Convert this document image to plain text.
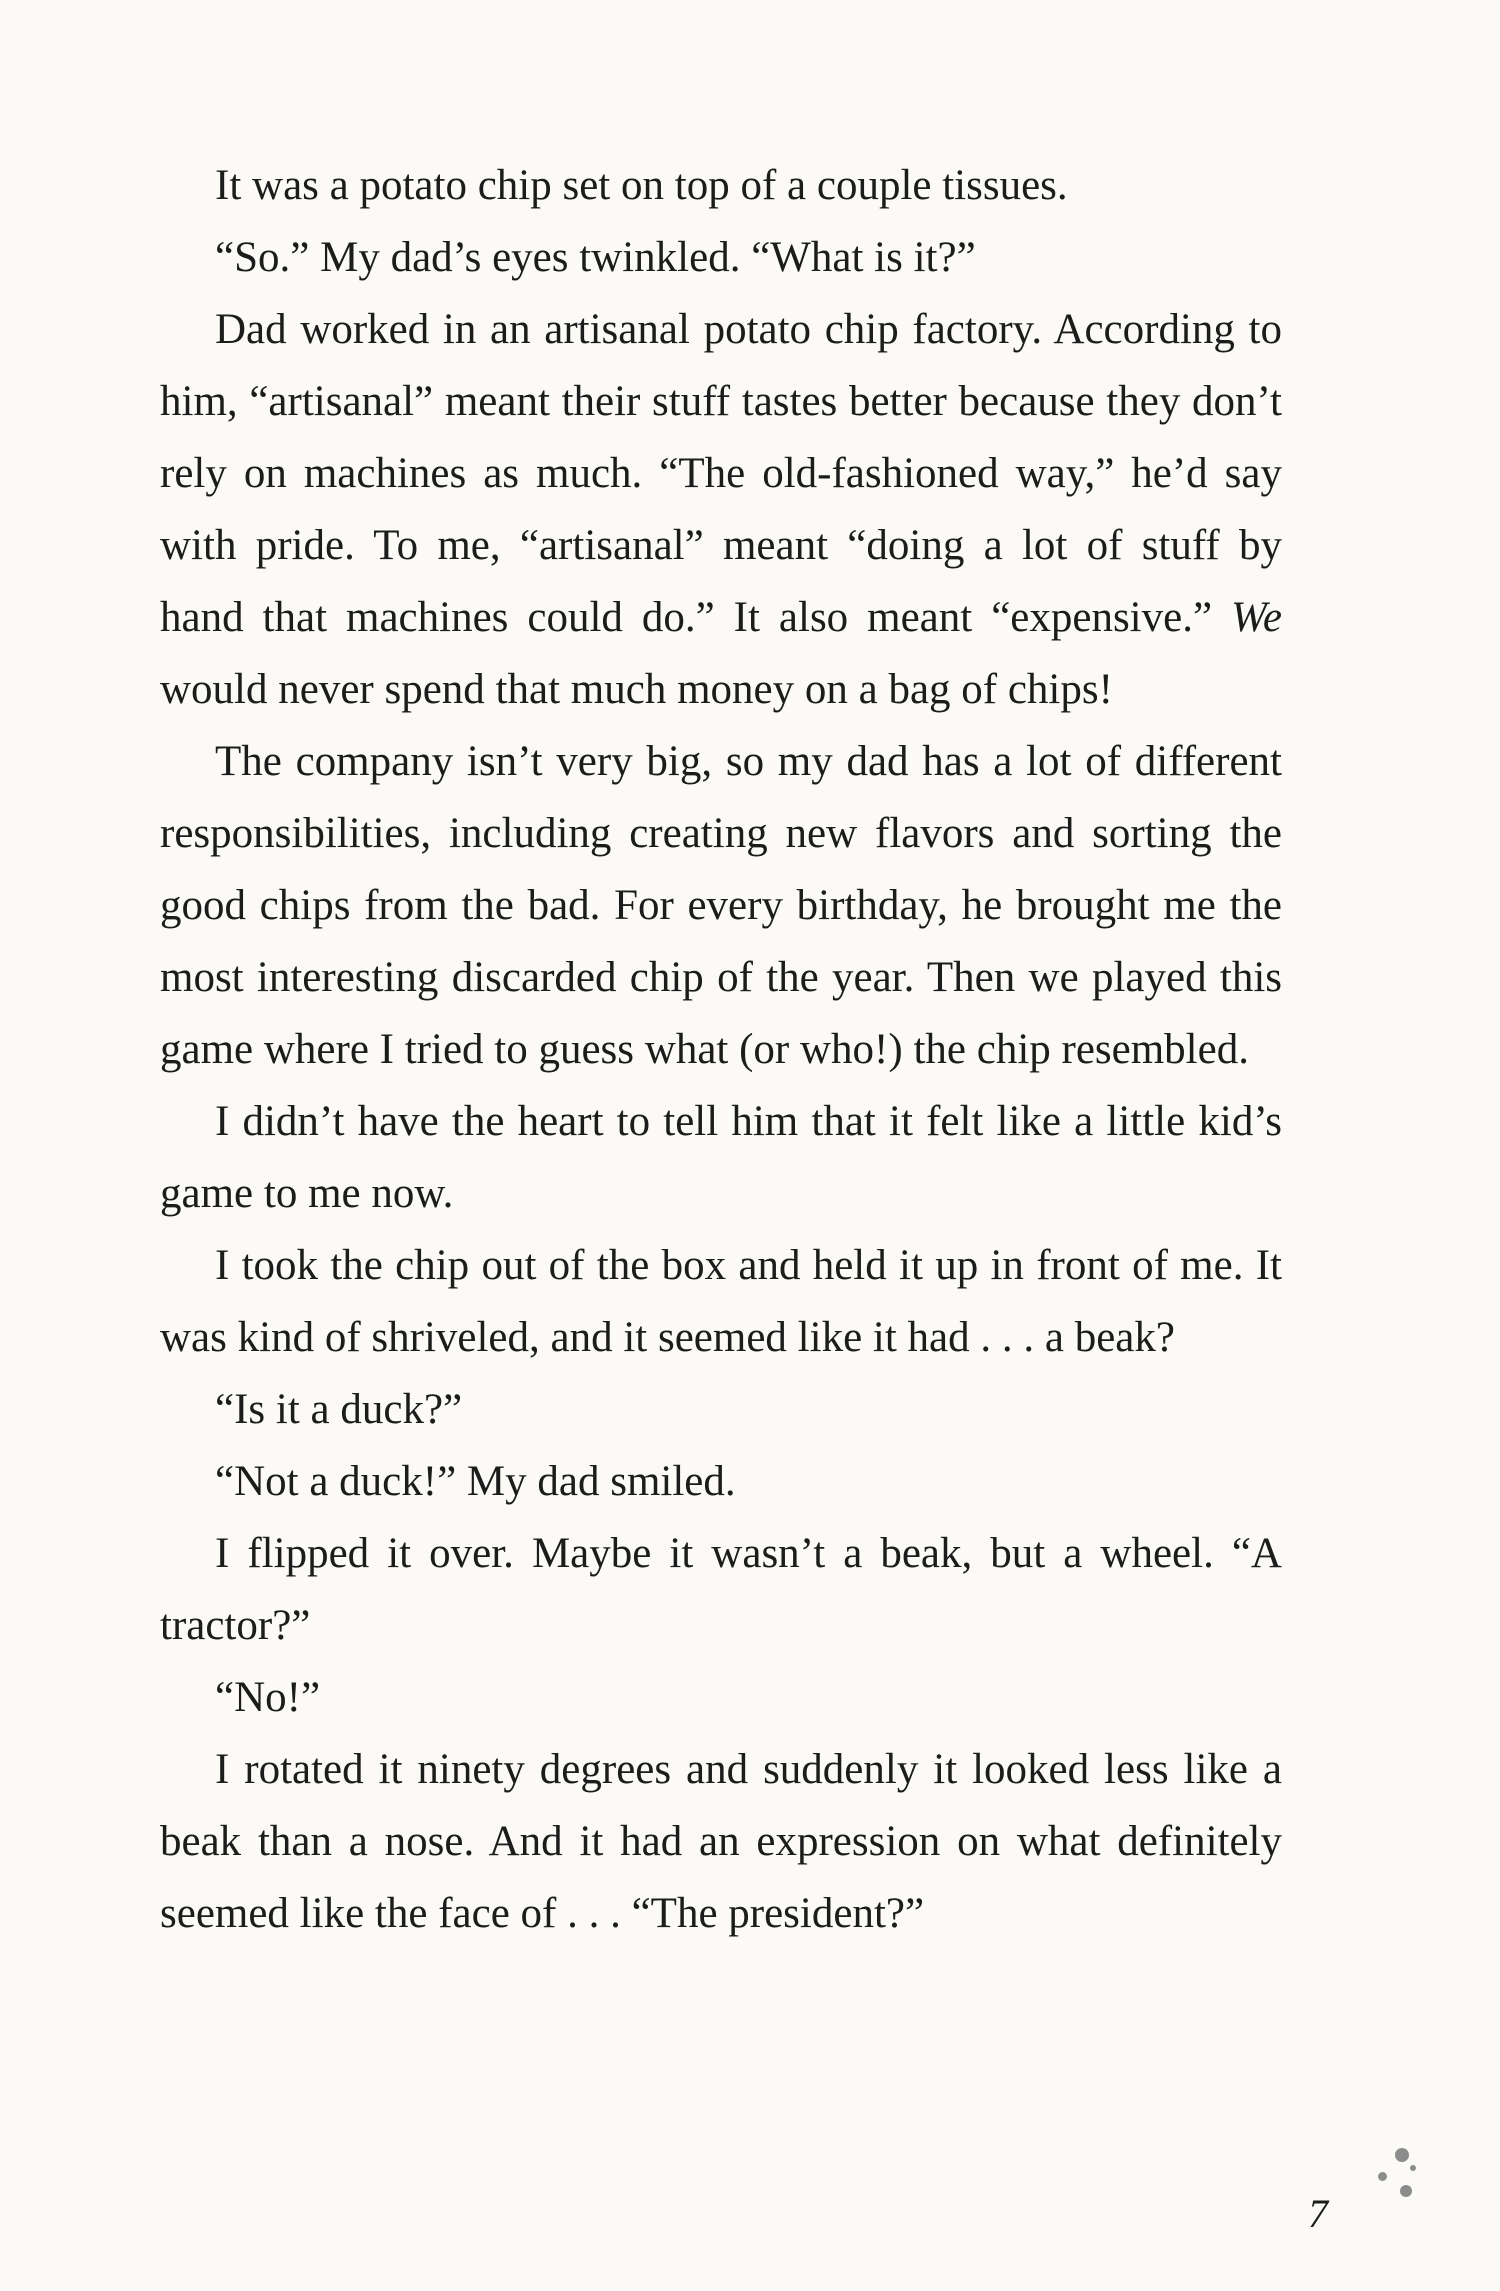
It was a potato chip set on top of a couple tissues.

“So.” My dad’s eyes twinkled. “What is it?”

Dad worked in an artisanal potato chip factory. According to him, “artisanal” meant their stuff tastes better because they don’t rely on machines as much. “The old-fashioned way,” he’d say with pride. To me, “artisanal” meant “doing a lot of stuff by hand that machines could do.” It also meant “expensive.” We would never spend that much money on a bag of chips!

The company isn’t very big, so my dad has a lot of different responsibilities, including creating new flavors and sorting the good chips from the bad. For every birthday, he brought me the most interesting discarded chip of the year. Then we played this game where I tried to guess what (or who!) the chip resembled.

I didn’t have the heart to tell him that it felt like a little kid’s game to me now.

I took the chip out of the box and held it up in front of me. It was kind of shriveled, and it seemed like it had . . . a beak?

“Is it a duck?”

“Not a duck!” My dad smiled.

I flipped it over. Maybe it wasn’t a beak, but a wheel. “A tractor?”

“No!”

I rotated it ninety degrees and suddenly it looked less like a beak than a nose. And it had an expression on what definitely seemed like the face of . . . “The president?”

7
